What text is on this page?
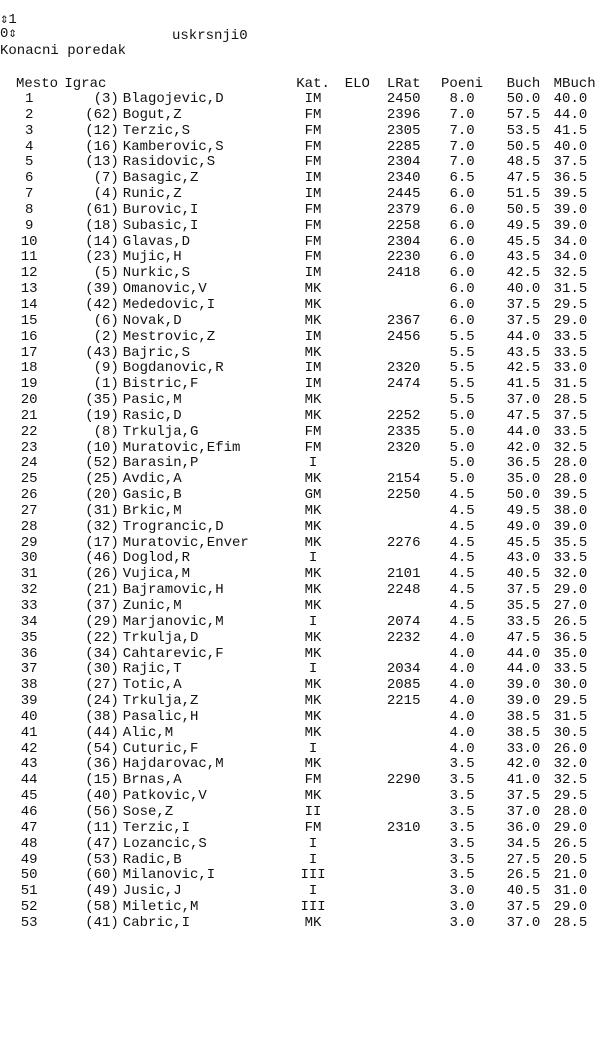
⇕1

uskrsnji0

0⇕
Konacni poredak
Mesto	Igrac		Kat.	ELO	LRat	Poeni	Buch	MBuch
1	(3)	Blagojevic,D	IM		2450	8.0	50.0	40.0
2	(62)	Bogut,Z	FM		2396	7.0	57.5	44.0
3	(12)	Terzic,S	FM		2305	7.0	53.5	41.5
4	(16)	Kamberovic,S	FM		2285	7.0	50.5	40.0
5	(13)	Rasidovic,S	FM		2304	7.0	48.5	37.5
6	(7)	Basagic,Z	IM		2340	6.5	47.5	36.5
7	(4)	Runic,Z	IM		2445	6.0	51.5	39.5
8	(61)	Burovic,I	FM		2379	6.0	50.5	39.0
9	(18)	Subasic,I	FM		2258	6.0	49.5	39.0
10	(14)	Glavas,D	FM		2304	6.0	45.5	34.0
11	(23)	Mujic,H	FM		2230	6.0	43.5	34.0
12	(5)	Nurkic,S	IM		2418	6.0	42.5	32.5
13	(39)	Omanovic,V	MK			6.0	40.0	31.5
14	(42)	Mededovic,I	MK			6.0	37.5	29.5
15	(6)	Novak,D	MK		2367	6.0	37.5	29.0
16	(2)	Mestrovic,Z	IM		2456	5.5	44.0	33.5
17	(43)	Bajric,S	MK			5.5	43.5	33.5
18	(9)	Bogdanovic,R	IM		2320	5.5	42.5	33.0
19	(1)	Bistric,F	IM		2474	5.5	41.5	31.5
20	(35)	Pasic,M	MK			5.5	37.0	28.5
21	(19)	Rasic,D	MK		2252	5.0	47.5	37.5
22	(8)	Trkulja,G	FM		2335	5.0	44.0	33.5
23	(10)	Muratovic,Efim	FM		2320	5.0	42.0	32.5
24	(52)	Barasin,P	I			5.0	36.5	28.0
25	(25)	Avdic,A	MK		2154	5.0	35.0	28.0
26	(20)	Gasic,B	GM		2250	4.5	50.0	39.5
27	(31)	Brkic,M	MK			4.5	49.5	38.0
28	(32)	Trograncic,D	MK			4.5	49.0	39.0
29	(17)	Muratovic,Enver	MK		2276	4.5	45.5	35.5
30	(46)	Doglod,R	I			4.5	43.0	33.5
31	(26)	Vujica,M	MK		2101	4.5	40.5	32.0
32	(21)	Bajramovic,H	MK		2248	4.5	37.5	29.0
33	(37)	Zunic,M	MK			4.5	35.5	27.0
34	(29)	Marjanovic,M	I		2074	4.5	33.5	26.5
35	(22)	Trkulja,D	MK		2232	4.0	47.5	36.5
36	(34)	Cahtarevic,F	MK			4.0	44.0	35.0
37	(30)	Rajic,T	I		2034	4.0	44.0	33.5
38	(27)	Totic,A	MK		2085	4.0	39.0	30.0
39	(24)	Trkulja,Z	MK		2215	4.0	39.0	29.5
40	(38)	Pasalic,H	MK			4.0	38.5	31.5
41	(44)	Alic,M	MK			4.0	38.5	30.5
42	(54)	Cuturic,F	I			4.0	33.0	26.0
43	(36)	Hajdarovac,M	MK			3.5	42.0	32.0
44	(15)	Brnas,A	FM		2290	3.5	41.0	32.5
45	(40)	Patkovic,V	MK			3.5	37.5	29.5
46	(56)	Sose,Z	II			3.5	37.0	28.0
47	(11)	Terzic,I	FM		2310	3.5	36.0	29.0
48	(47)	Lozancic,S	I			3.5	34.5	26.5
49	(53)	Radic,B	I			3.5	27.5	20.5
50	(60)	Milanovic,I	III			3.5	26.5	21.0
51	(49)	Jusic,J	I			3.0	40.5	31.0
52	(58)	Miletic,M	III			3.0	37.5	29.0
53	(41)	Cabric,I	MK			3.0	37.0	28.5
